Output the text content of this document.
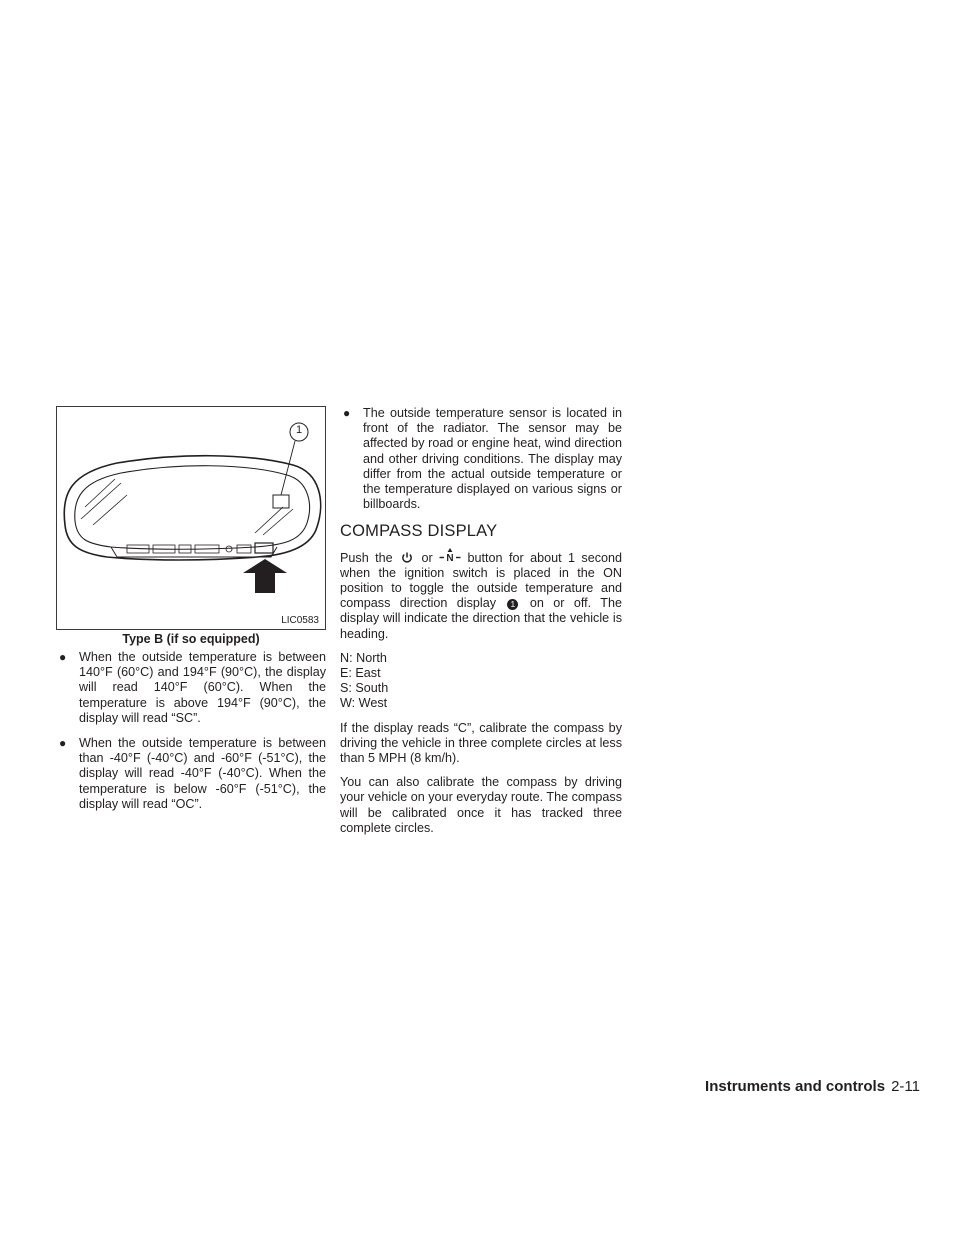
1
LIC0583
Type B (if so equipped)
● When the outside temperature is between 140°F (60°C) and 194°F (90°C), the display will read 140°F (60°C). When the temperature is above 194°F (90°C), the display will read “SC”.
● When the outside temperature is between than -40°F (-40°C) and -60°F (-51°C), the display will read -40°F (-40°C). When the temperature is below -60°F (-51°C), the display will read “OC”.
● The outside temperature sensor is located in front of the radiator. The sensor may be affected by road or engine heat, wind direction and other driving conditions. The display may differ from the actual outside temperature or the temperature displayed on various signs or billboards.
COMPASS DISPLAY

Push the or N button for about 1 second when the ignition switch is placed in the ON position to toggle the outside temperature and compass direction display 1 on or off. The display will indicate the direction that the vehicle is heading.

N: North
E: East
S: South
W: West

If the display reads “C”, calibrate the compass by driving the vehicle in three complete circles at less than 5 MPH (8 km/h).

You can also calibrate the compass by driving your vehicle on your everyday route. The compass will be calibrated once it has tracked three complete circles.

Instruments and controls 2-11
